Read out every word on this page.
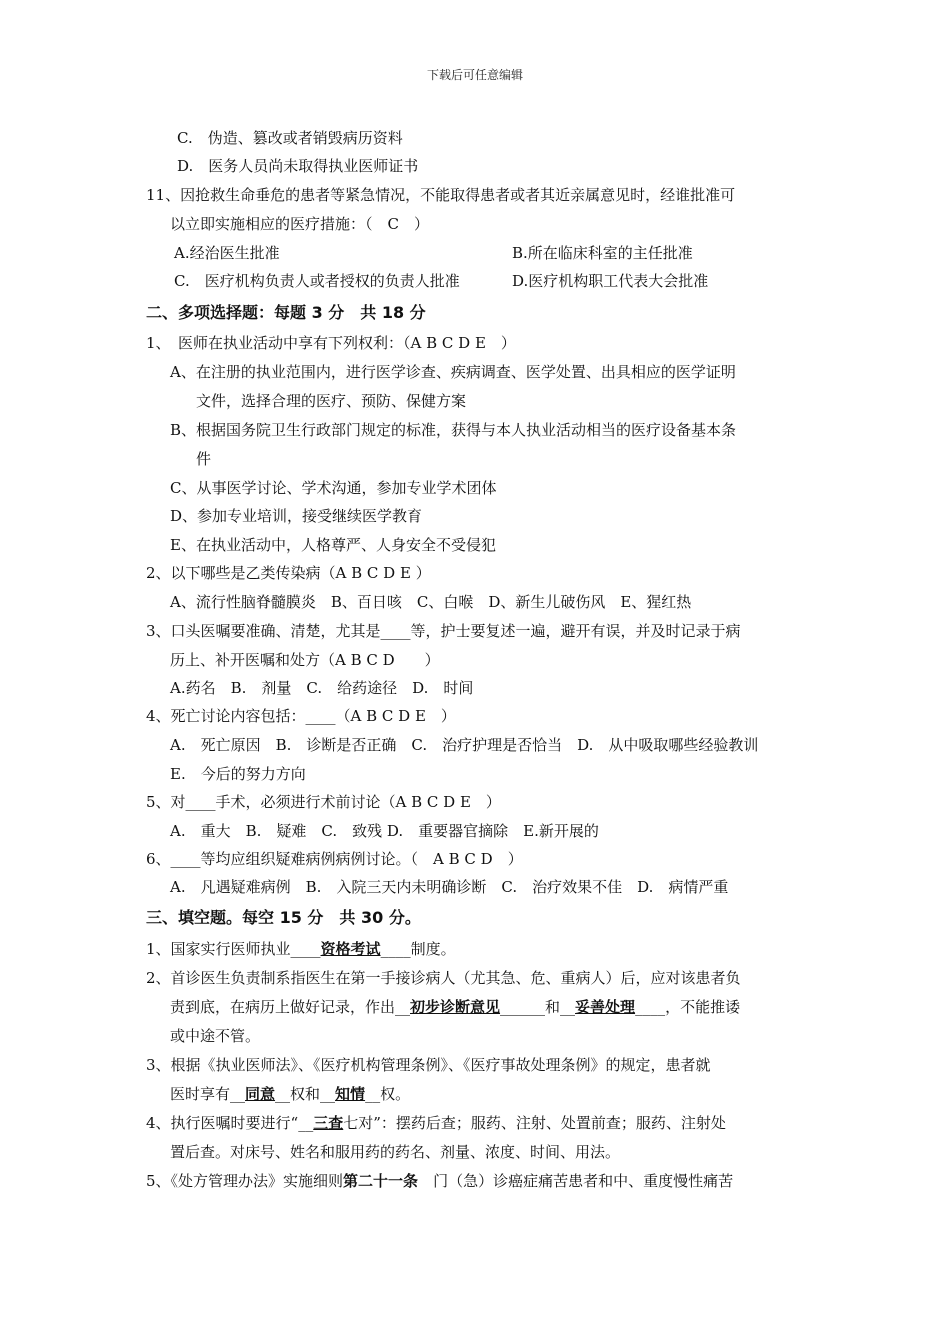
下载后可任意编辑
C.　伪造、篡改或者销毁病历资料
D.　医务人员尚未取得执业医师证书
11、因抢救生命垂危的患者等紧急情况，不能取得患者或者其近亲属意见时，经谁批准可
以立即实施相应的医疗措施：（　C　）
A.经治医生批准	B.所在临床科室的主任批准
C.　医疗机构负责人或者授权的负责人批准	D.医疗机构职工代表大会批准
二、多项选择题：每题 3 分　共 18 分
1、　医师在执业活动中享有下列权利：（A B C D E　）
A、在注册的执业范围内，进行医学诊查、疾病调查、医学处置、出具相应的医学证明
文件，选择合理的医疗、预防、保健方案
B、根据国务院卫生行政部门规定的标准，获得与本人执业活动相当的医疗设备基本条
件
C、从事医学讨论、学术沟通，参加专业学术团体
D、参加专业培训，接受继续医学教育
E、在执业活动中，人格尊严、人身安全不受侵犯
2、以下哪些是乙类传染病（A B C D E ）
A、流行性脑脊髓膜炎　B、百日咳　C、白喉　D、新生儿破伤风　E、猩红热
3、口头医嘱要准确、清楚，尤其是____等，护士要复述一遍，避开有误，并及时记录于病
历上、补开医嘱和处方（A B C D　　）
A.药名　B.　剂量　C.　给药途径　D.　时间
4、死亡讨论内容包括：____（A B C D E　）
A.　死亡原因　B.　诊断是否正确　C.　治疗护理是否恰当　D.　从中吸取哪些经验教训
E.　今后的努力方向
5、对____手术，必须进行术前讨论（A B C D E　）
A.　重大　B.　疑难　C.　致残 D.　重要器官摘除　E.新开展的
6、____等均应组织疑难病例病例讨论。（　A B C D　）
A.　凡遇疑难病例　B.　入院三天内未明确诊断　C.　治疗效果不佳　D.　病情严重
三、填空题。每空 15 分　共 30 分。
1、国家实行医师执业____资格考试____制度。
2、首诊医生负责制系指医生在第一手接诊病人（尤其急、危、重病人）后，应对该患者负
责到底，在病历上做好记录，作出__初步诊断意见______和__妥善处理____，不能推诿
或中途不管。
3、根据《执业医师法》、《医疗机构管理条例》、《医疗事故处理条例》的规定，患者就
医时享有__同意__权和__知情__权。
4、执行医嘱时要进行“__三查七对”：摆药后查；服药、注射、处置前查；服药、注射处
置后查。对床号、姓名和服用药的药名、剂量、浓度、时间、用法。
5、《处方管理办法》实施细则第二十一条　门（急）诊癌症痛苦患者和中、重度慢性痛苦
